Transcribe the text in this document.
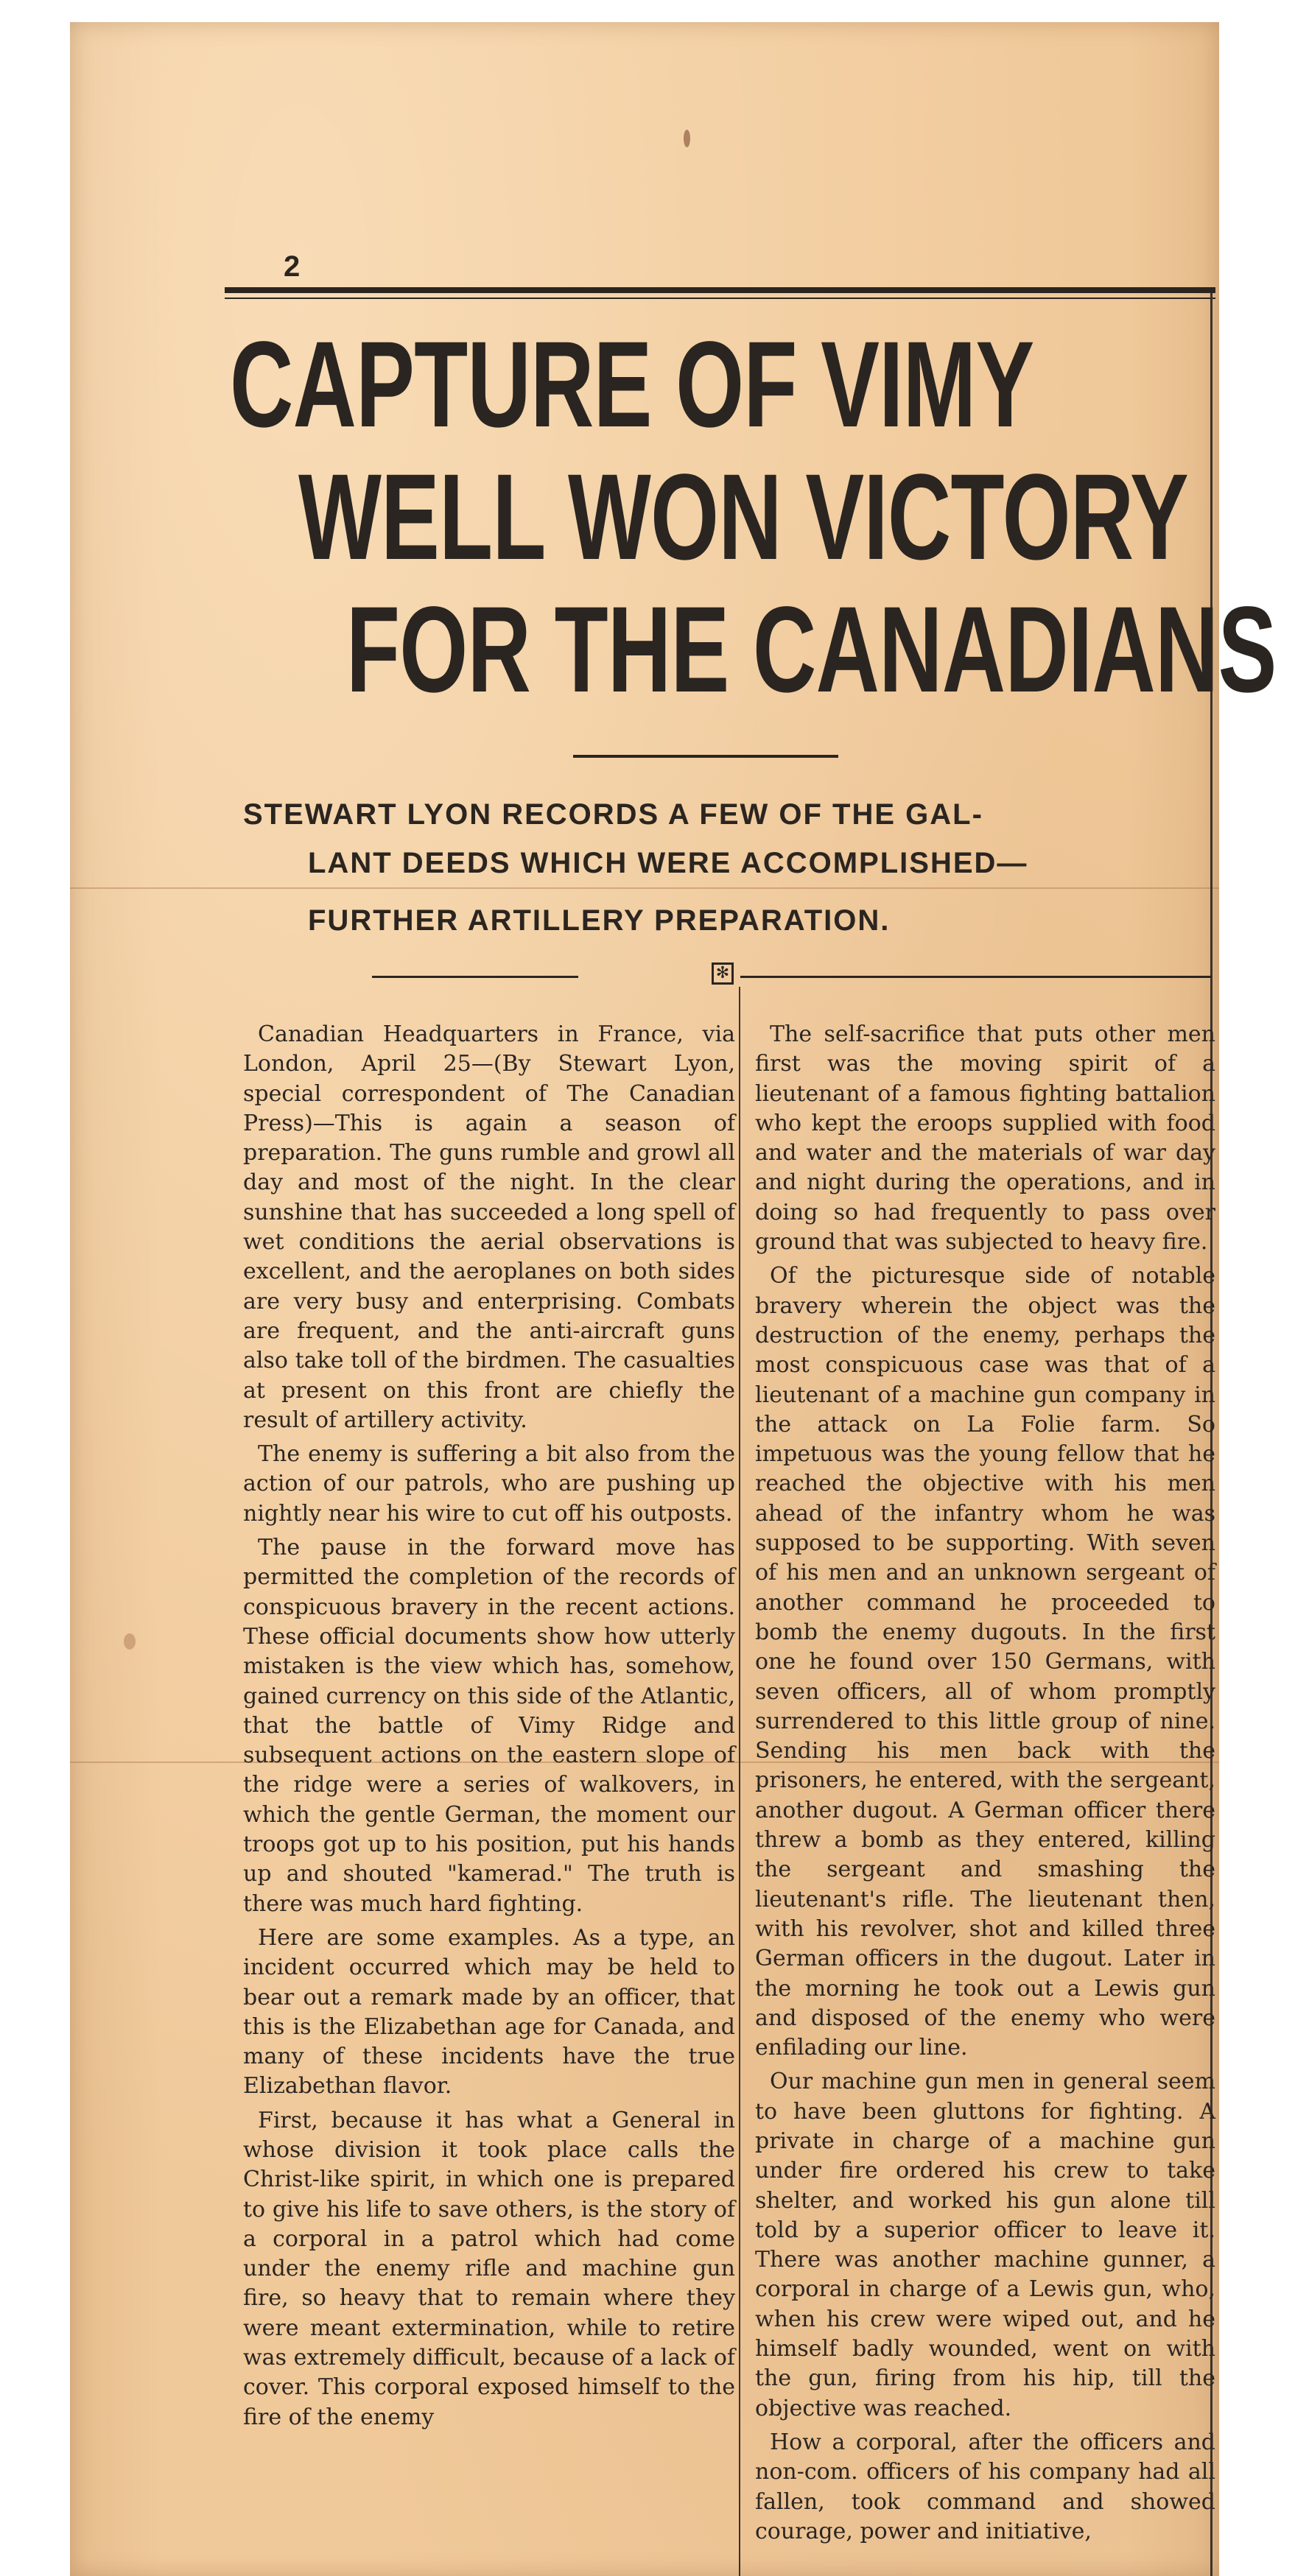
2
CAPTURE OF VIMY
WELL WON VICTORY
FOR THE CANADIANS
STEWART LYON RECORDS A FEW OF THE GAL-
LANT DEEDS WHICH WERE ACCOMPLISHED—
FURTHER ARTILLERY PREPARATION.
✻

Canadian Headquarters in France, via London, April 25—(By Stewart Lyon, special correspondent of The Canadian Press)—This is again a season of preparation. The guns rumble and growl all day and most of the night. In the clear sunshine that has succeeded a long spell of wet conditions the aerial observations is excellent, and the aeroplanes on both sides are very busy and enterprising. Combats are frequent, and the anti-aircraft guns also take toll of the birdmen. The casualties at present on this front are chiefly the result of artillery activity.

The enemy is suffering a bit also from the action of our patrols, who are pushing up nightly near his wire to cut off his outposts.

The pause in the forward move has permitted the completion of the records of conspicuous bravery in the recent actions. These official documents show how utterly mistaken is the view which has, somehow, gained currency on this side of the Atlantic, that the battle of Vimy Ridge and subsequent actions on the eastern slope of the ridge were a series of walkovers, in which the gentle German, the moment our troops got up to his position, put his hands up and shouted "kamerad." The truth is there was much hard fighting.

Here are some examples. As a type, an incident occurred which may be held to bear out a remark made by an officer, that this is the Elizabethan age for Canada, and many of these incidents have the true Elizabethan flavor.

First, because it has what a General in whose division it took place calls the Christ-like spirit, in which one is prepared to give his life to save others, is the story of a corporal in a patrol which had come under the enemy rifle and machine gun fire, so heavy that to remain where they were meant extermination, while to retire was extremely difficult, because of a lack of cover. This corporal exposed himself to the fire of the enemy

The self-sacrifice that puts other men first was the moving spirit of a lieutenant of a famous fighting battalion who kept the eroops supplied with food and water and the materials of war day and night during the operations, and in doing so had frequently to pass over ground that was subjected to heavy fire.

Of the picturesque side of notable bravery wherein the object was the destruction of the enemy, perhaps the most conspicuous case was that of a lieutenant of a machine gun company in the attack on La Folie farm. So impetuous was the young fellow that he reached the objective with his men ahead of the infantry whom he was supposed to be supporting. With seven of his men and an unknown sergeant of another command he proceeded to bomb the enemy dugouts. In the first one he found over 150 Germans, with seven officers, all of whom promptly surrendered to this little group of nine. Sending his men back with the prisoners, he entered, with the sergeant, another dugout. A German officer there threw a bomb as they entered, killing the sergeant and smashing the lieutenant's rifle. The lieutenant then, with his revolver, shot and killed three German officers in the dugout. Later in the morning he took out a Lewis gun and disposed of the enemy who were enfilading our line.

Our machine gun men in general seem to have been gluttons for fighting. A private in charge of a machine gun under fire ordered his crew to take shelter, and worked his gun alone till told by a superior officer to leave it. There was another machine gunner, a corporal in charge of a Lewis gun, who, when his crew were wiped out, and he himself badly wounded, went on with the gun, firing from his hip, till the objective was reached.

How a corporal, after the officers and non-com. officers of his company had all fallen, took command and showed courage, power and initiative,
